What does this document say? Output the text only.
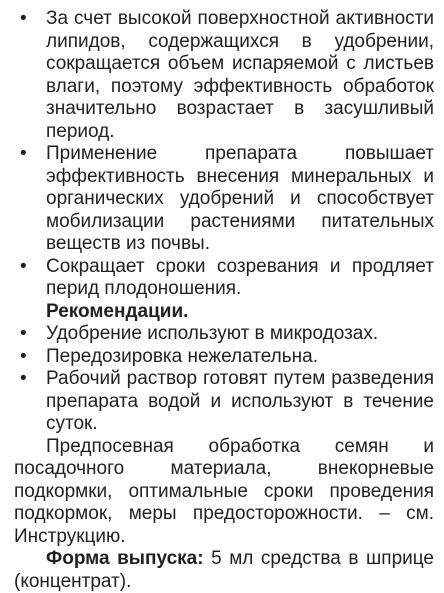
• За счет высокой поверхностной активности липидов, содержащихся в удобрении, сокращается объем испаряемой с листьев влаги, поэтому эффективность обработок значительно возрастает в засушливый период.
• Применение препарата повышает эффективность внесения минеральных и органических удобрений и способствует мобилизации растениями питательных веществ из почвы.
• Сокращает сроки созревания и продляет перид плодоношения.

Рекомендации.

• Удобрение используют в микродозах.
• Передозировка нежелательна.
• Рабочий раствор готовят путем разведения препарата водой и используют в течение суток.

Предпосевная обработка семян и посадочного материала, внекорневые подкормки, оптимальные сроки проведения подкормок, меры предосторожности. – см. Инструкцию.

Форма выпуска: 5 мл средства в шприце (концентрат).
